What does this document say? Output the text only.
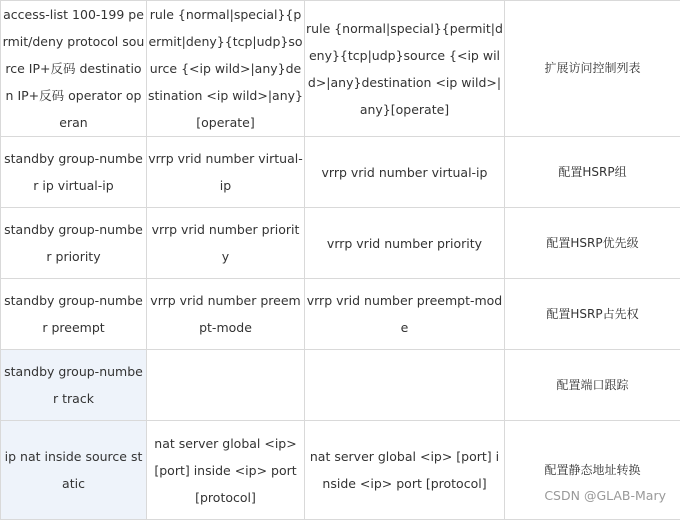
access-list 100-199 permit/deny protocol source IP+反码 destination IP+反码 operator operan	rule {normal|special}{permit|deny}{tcp|udp}source {<ip wild>|any}destination <ip wild>|any}[operate]	rule {normal|special}{permit|deny}{tcp|udp}source {<ip wild>|any}destination <ip wild>|any}[operate]	扩展访问控制列表
standby group-number ip virtual-ip	vrrp vrid number virtual-ip	vrrp vrid number virtual-ip	配置HSRP组
standby group-number priority	vrrp vrid number priority	vrrp vrid number priority	配置HSRP优先级
standby group-number preempt	vrrp vrid number preempt-mode	vrrp vrid number preempt-mode	配置HSRP占先权
standby group-number track			配置端口跟踪
ip nat inside source static	nat server global <ip> [port] inside <ip> port [protocol]	nat server global <ip> [port] inside <ip> port [protocol]	配置静态地址转换
CSDN @GLAB-Mary
